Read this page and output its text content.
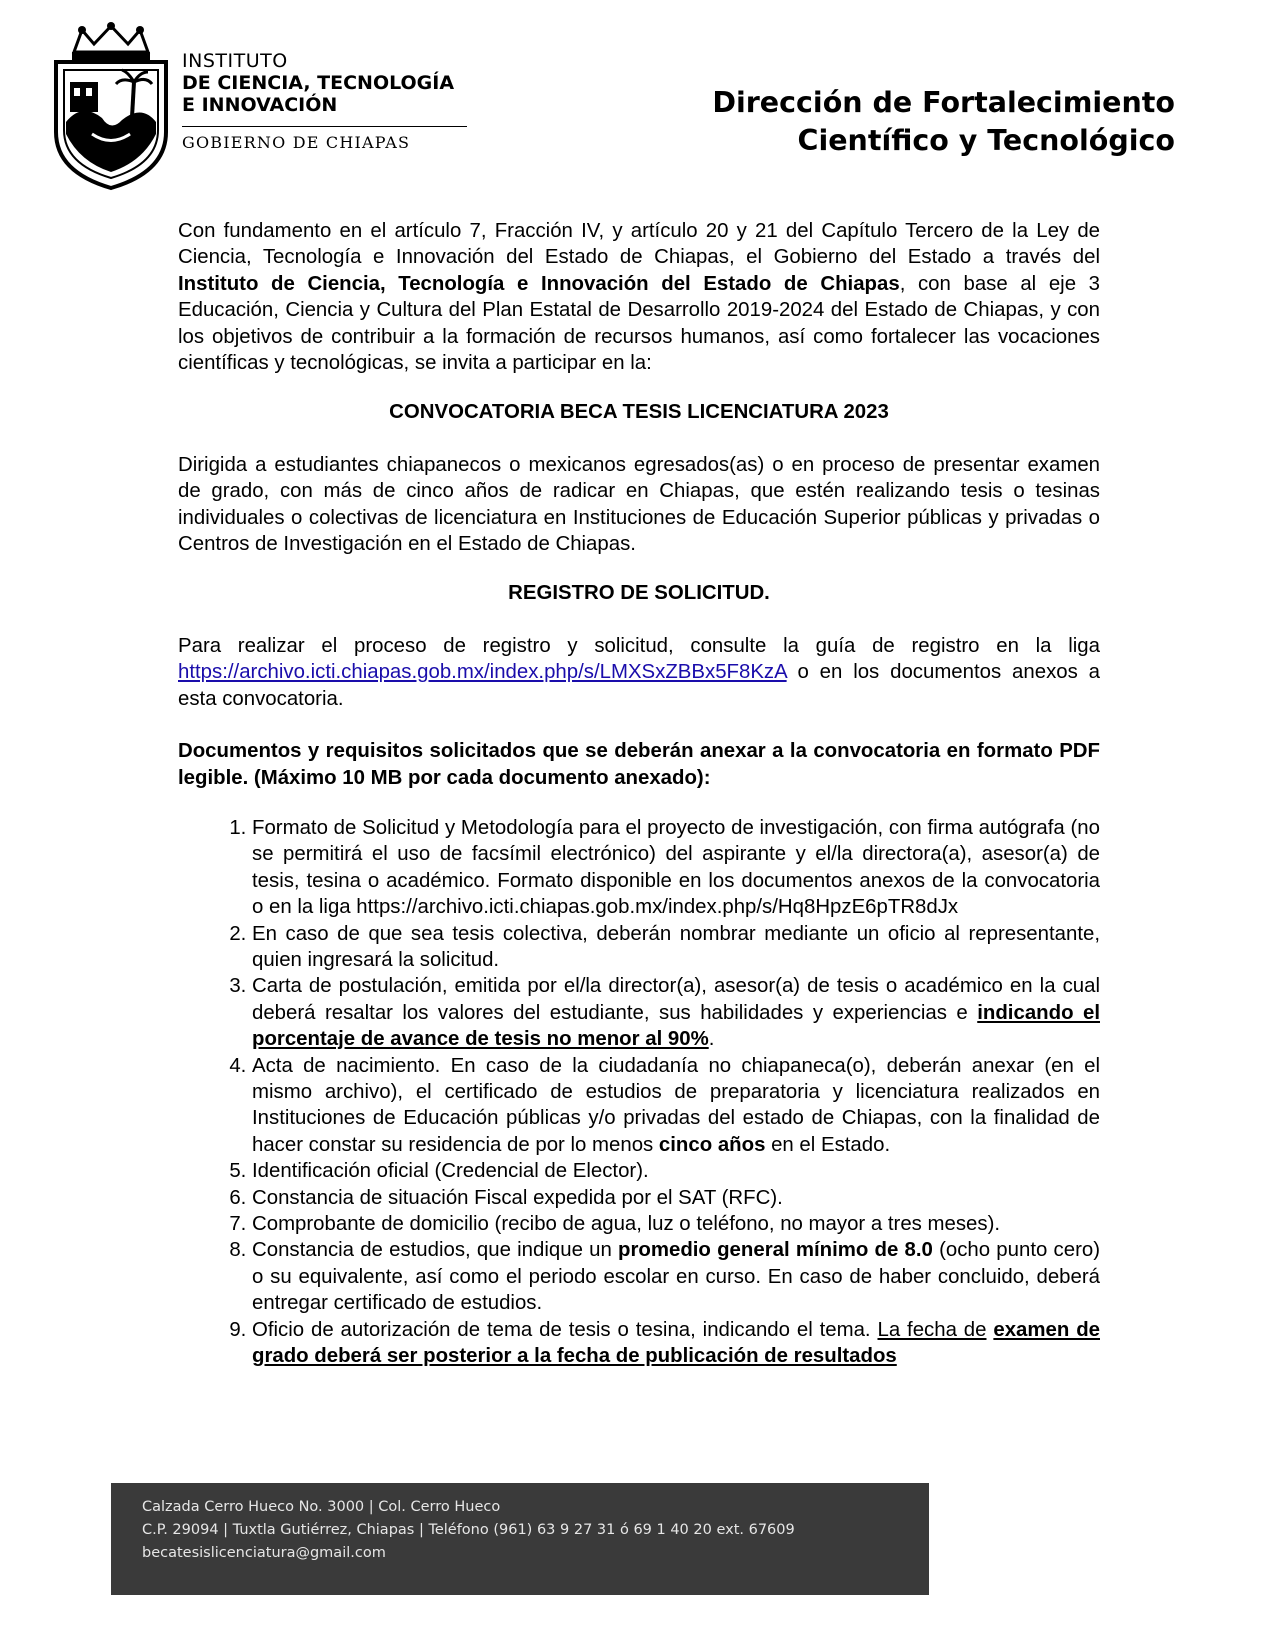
INSTITUTO
DE CIENCIA, TECNOLOGÍA
E INNOVACIÓN
GOBIERNO DE CHIAPAS
Dirección de Fortalecimiento
Científico y Tecnológico

Con fundamento en el artículo 7, Fracción IV, y artículo 20 y 21 del Capítulo Tercero de la Ley de Ciencia, Tecnología e Innovación del Estado de Chiapas, el Gobierno del Estado a través del Instituto de Ciencia, Tecnología e Innovación del Estado de Chiapas, con base al eje 3 Educación, Ciencia y Cultura del Plan Estatal de Desarrollo 2019-2024 del Estado de Chiapas, y con los objetivos de contribuir a la formación de recursos humanos, así como fortalecer las vocaciones científicas y tecnológicas, se invita a participar en la:

CONVOCATORIA BECA TESIS LICENCIATURA 2023

Dirigida a estudiantes chiapanecos o mexicanos egresados(as) o en proceso de presentar examen de grado, con más de cinco años de radicar en Chiapas, que estén realizando tesis o tesinas individuales o colectivas de licenciatura en Instituciones de Educación Superior públicas y privadas o Centros de Investigación en el Estado de Chiapas.

REGISTRO DE SOLICITUD.

Para realizar el proceso de registro y solicitud, consulte la guía de registro en la liga https://archivo.icti.chiapas.gob.mx/index.php/s/LMXSxZBBx5F8KzA o en los documentos anexos a esta convocatoria.

Documentos y requisitos solicitados que se deberán anexar a la convocatoria en formato PDF legible. (Máximo 10 MB por cada documento anexado):

1. Formato de Solicitud y Metodología para el proyecto de investigación, con firma autógrafa (no se permitirá el uso de facsímil electrónico) del aspirante y el/la directora(a), asesor(a) de tesis, tesina o académico. Formato disponible en los documentos anexos de la convocatoria o en la liga https://archivo.icti.chiapas.gob.mx/index.php/s/Hq8HpzE6pTR8dJx
2. En caso de que sea tesis colectiva, deberán nombrar mediante un oficio al representante, quien ingresará la solicitud.
3. Carta de postulación, emitida por el/la director(a), asesor(a) de tesis o académico en la cual deberá resaltar los valores del estudiante, sus habilidades y experiencias e indicando el porcentaje de avance de tesis no menor al 90%.
4. Acta de nacimiento. En caso de la ciudadanía no chiapaneca(o), deberán anexar (en el mismo archivo), el certificado de estudios de preparatoria y licenciatura realizados en Instituciones de Educación públicas y/o privadas del estado de Chiapas, con la finalidad de hacer constar su residencia de por lo menos cinco años en el Estado.
5. Identificación oficial (Credencial de Elector).
6. Constancia de situación Fiscal expedida por el SAT (RFC).
7. Comprobante de domicilio (recibo de agua, luz o teléfono, no mayor a tres meses).
8. Constancia de estudios, que indique un promedio general mínimo de 8.0 (ocho punto cero) o su equivalente, así como el periodo escolar en curso. En caso de haber concluido, deberá entregar certificado de estudios.
9. Oficio de autorización de tema de tesis o tesina, indicando el tema. La fecha de examen de grado deberá ser posterior a la fecha de publicación de resultados
Calzada Cerro Hueco No. 3000 | Col. Cerro Hueco
C.P. 29094 | Tuxtla Gutiérrez, Chiapas | Teléfono (961) 63 9 27 31 ó 69 1 40 20 ext. 67609
becatesislicenciatura@gmail.com
